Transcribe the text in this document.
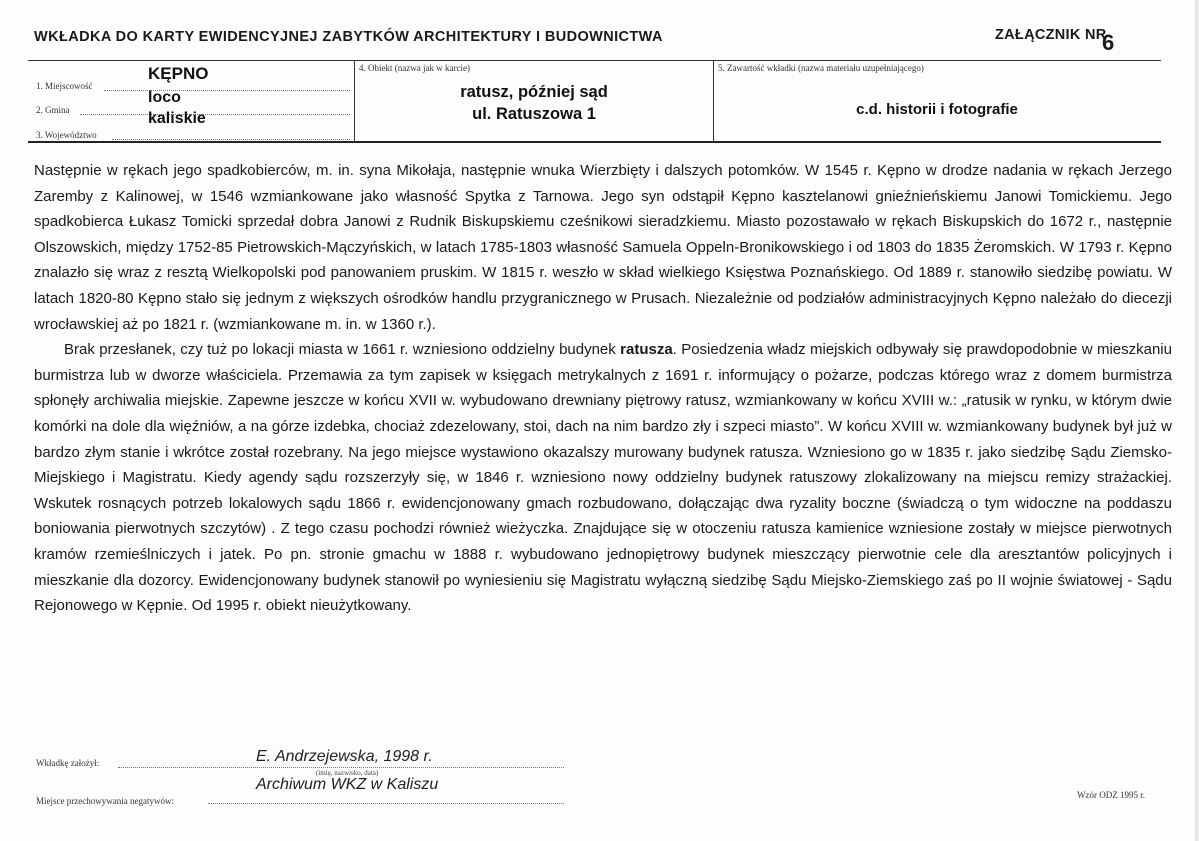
WKŁADKA DO KARTY EWIDENCYJNEJ ZABYTKÓW ARCHITEKTURY I BUDOWNICTWA	ZAŁĄCZNIK NR
6
1. Miejscowość
KĘPNO
2. Gmina
loco
3. Województwo
kaliskie
4. Obiekt (nazwa jak w karcie)
ratusz, później sąd
ul. Ratuszowa 1
5. Zawartość wkładki (nazwa materiału uzupełniającego)
c.d. historii i fotografie

Następnie w rękach jego spadkobierców, m. in. syna Mikołaja, następnie wnuka Wierzbięty i dalszych potomków. W 1545 r. Kępno w drodze nadania w rękach Jerzego Zaremby z Kalinowej, w 1546 wzmiankowane jako własność Spytka z Tarnowa. Jego syn odstąpił Kępno kasztelanowi gnieźnieńskiemu Janowi Tomickiemu. Jego spadkobierca Łukasz Tomicki sprzedał dobra Janowi z Rudnik Biskupskiemu cześnikowi sieradzkiemu. Miasto pozostawało w rękach Biskupskich do 1672 r., następnie Olszowskich, między 1752-85 Pietrowskich-Mączyńskich, w latach 1785-1803 własność Samuela Oppeln-Bronikowskiego i od 1803 do 1835 Żeromskich. W 1793 r. Kępno znalazło się wraz z resztą Wielkopolski pod panowaniem pruskim. W 1815 r. weszło w skład wielkiego Księstwa Poznańskiego. Od 1889 r. stanowiło siedzibę powiatu. W latach 1820-80 Kępno stało się jednym z większych ośrodków handlu przygranicznego w Prusach. Niezależnie od podziałów administracyjnych Kępno należało do diecezji wrocławskiej aż po 1821 r. (wzmiankowane m. in. w 1360 r.).

Brak przesłanek, czy tuż po lokacji miasta w 1661 r. wzniesiono oddzielny budynek ratusza. Posiedzenia władz miejskich odbywały się prawdopodobnie w mieszkaniu burmistrza lub w dworze właściciela. Przemawia za tym zapisek w księgach metrykalnych z 1691 r. informujący o pożarze, podczas którego wraz z domem burmistrza spłonęły archiwalia miejskie. Zapewne jeszcze w końcu XVII w. wybudowano drewniany piętrowy ratusz, wzmiankowany w końcu XVIII w.: „ratusik w rynku, w którym dwie komórki na dole dla więźniów, a na górze izdebka, chociaż zdezelowany, stoi, dach na nim bardzo zły i szpeci miasto”. W końcu XVIII w. wzmiankowany budynek był już w bardzo złym stanie i wkrótce został rozebrany. Na jego miejsce wystawiono okazalszy murowany budynek ratusza. Wzniesiono go w 1835 r. jako siedzibę Sądu Ziemsko-Miejskiego i Magistratu. Kiedy agendy sądu rozszerzyły się, w 1846 r. wzniesiono nowy oddzielny budynek ratuszowy zlokalizowany na miejscu remizy strażackiej. Wskutek rosnących potrzeb lokalowych sądu 1866 r. ewidencjonowany gmach rozbudowano, dołączając dwa ryzality boczne (świadczą o tym widoczne na poddaszu boniowania pierwotnych szczytów) . Z tego czasu pochodzi również wieżyczka. Znajdujące się w otoczeniu ratusza kamienice wzniesione zostały w miejsce pierwotnych kramów rzemieślniczych i jatek. Po pn. stronie gmachu w 1888 r. wybudowano jednopiętrowy budynek mieszczący pierwotnie cele dla aresztantów policyjnych i mieszkanie dla dozorcy. Ewidencjonowany budynek stanowił po wyniesieniu się Magistratu wyłączną siedzibę Sądu Miejsko-Ziemskiego zaś po II wojnie światowej - Sądu Rejonowego w Kępnie. Od 1995 r. obiekt nieużytkowany.

Wkładkę założył:	E. Andrzejewska, 1998 r.
(imię, nazwisko, data)
Miejsce przechowywania negatywów:
Archiwum WKZ w Kaliszu
Wzór ODZ 1995 r.
